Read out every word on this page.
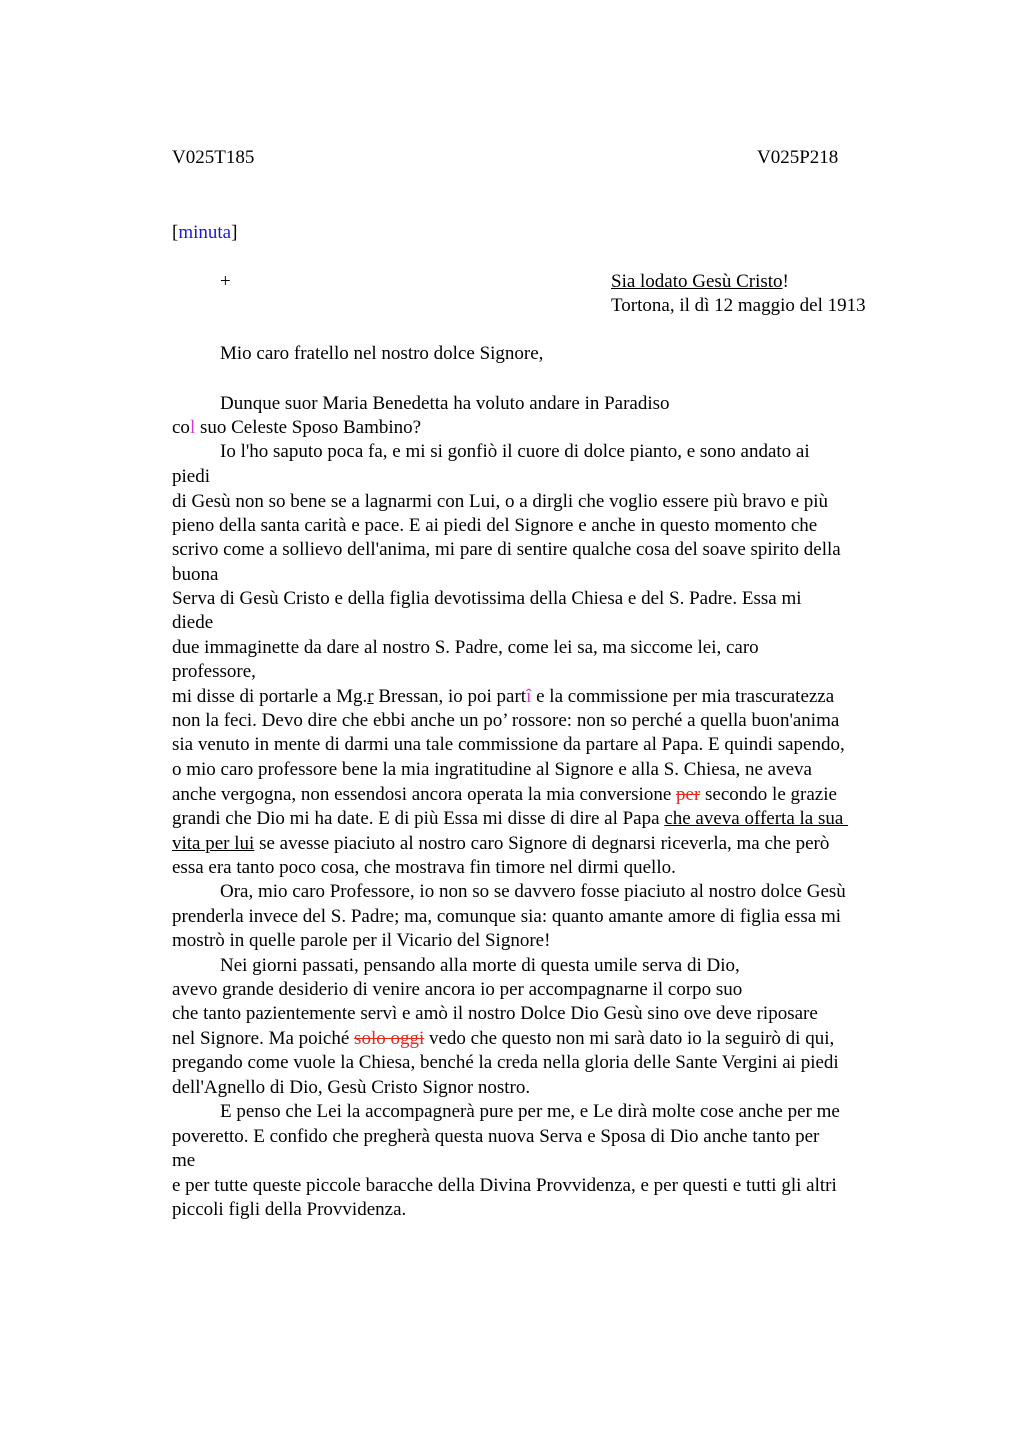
V025T185	V025P218
[minuta]
+	Sia lodato Gesù Cristo!
Tortona, il dì 12 maggio del 1913
Mio caro fratello nel nostro dolce Signore,
Dunque suor Maria Benedetta ha voluto andare in Paradiso
col suo Celeste Sposo Bambino?
Io l'ho saputo poca fa, e mi si gonfiò il cuore di dolce pianto, e sono andato ai
piedi
di Gesù non so bene se a lagnarmi con Lui, o a dirgli che voglio essere più bravo e più
pieno della santa carità e pace. E ai piedi del Signore e anche in questo momento che
scrivo come a sollievo dell'anima, mi pare di sentire qualche cosa del soave spirito della
buona
Serva di Gesù Cristo e della figlia devotissima della Chiesa e del S. Padre. Essa mi
diede
due immaginette da dare al nostro S. Padre, come lei sa, ma siccome lei, caro
professore,
mi disse di portarle a Mg.r Bressan, io poi partî e la commissione per mia trascuratezza
non la feci. Devo dire che ebbi anche un po’ rossore: non so perché a quella buon'anima
sia venuto in mente di darmi una tale commissione da partare al Papa. E quindi sapendo,
o mio caro professore bene la mia ingratitudine al Signore e alla S. Chiesa, ne aveva
anche vergogna, non essendosi ancora operata la mia conversione per secondo le grazie
grandi che Dio mi ha date. E di più Essa mi disse di dire al Papa che aveva offerta la sua
vita per lui se avesse piaciuto al nostro caro Signore di degnarsi riceverla, ma che però
essa era tanto poco cosa, che mostrava fin timore nel dirmi quello.
Ora, mio caro Professore, io non so se davvero fosse piaciuto al nostro dolce Gesù
prenderla invece del S. Padre; ma, comunque sia: quanto amante amore di figlia essa mi
mostrò in quelle parole per il Vicario del Signore!
Nei giorni passati, pensando alla morte di questa umile serva di Dio,
avevo grande desiderio di venire ancora io per accompagnarne il corpo suo
che tanto pazientemente servì e amò il nostro Dolce Dio Gesù sino ove deve riposare
nel Signore. Ma poiché solo oggi vedo che questo non mi sarà dato io la seguirò di qui,
pregando come vuole la Chiesa, benché la creda nella gloria delle Sante Vergini ai piedi
dell'Agnello di Dio, Gesù Cristo Signor nostro.
E penso che Lei la accompagnerà pure per me, e Le dirà molte cose anche per me
poveretto. E confido che pregherà questa nuova Serva e Sposa di Dio anche tanto per
me
e per tutte queste piccole baracche della Divina Provvidenza, e per questi e tutti gli altri
piccoli figli della Provvidenza.
